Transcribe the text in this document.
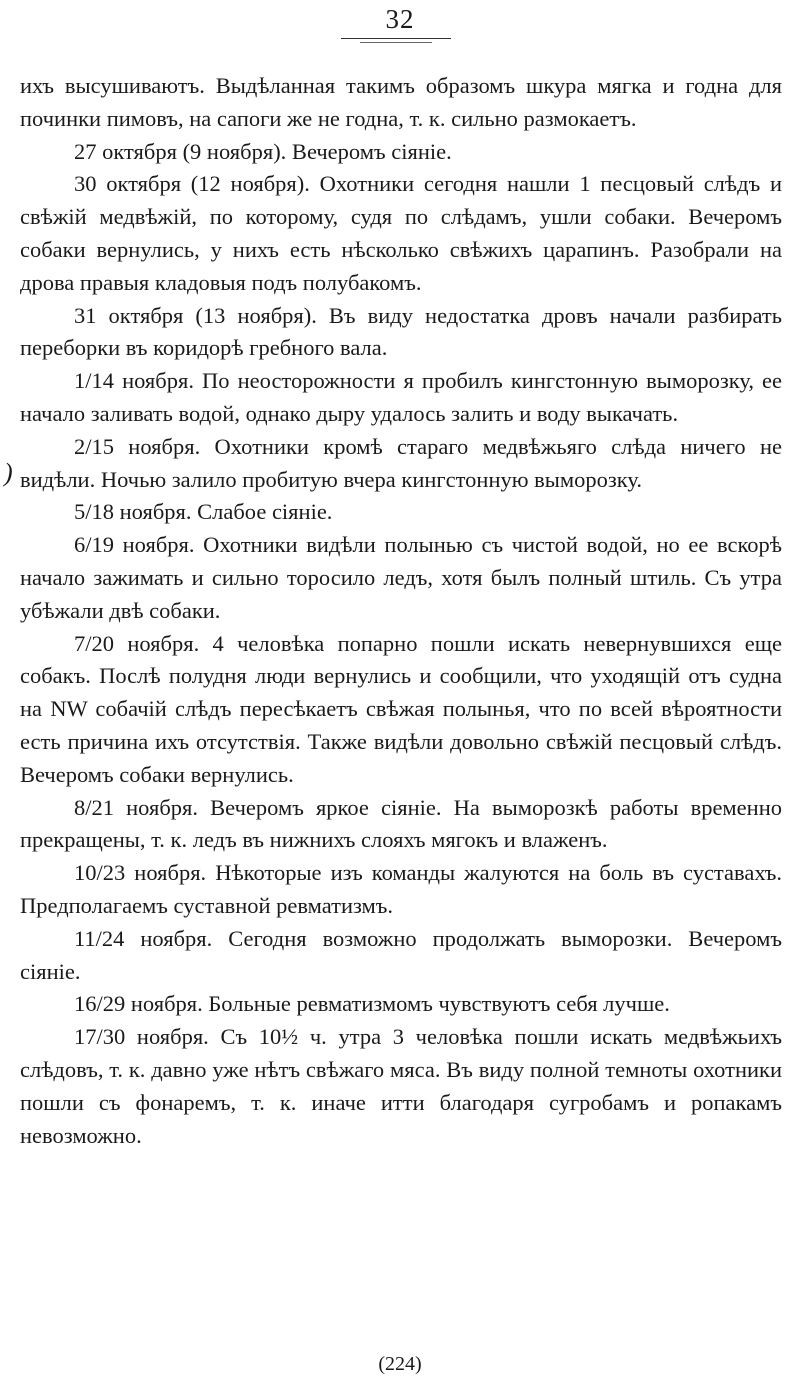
32
)

ихъ высушиваютъ. Выдѣланная такимъ образомъ шкура мягка и годна для починки пимовъ, на сапоги же не годна, т. к. сильно размокаетъ.

27 октября (9 ноября). Вечеромъ сіяніе.

30 октября (12 ноября). Охотники сегодня нашли 1 песцовый слѣдъ и свѣжій медвѣжій, по которому, судя по слѣдамъ, ушли собаки. Вечеромъ собаки вернулись, у нихъ есть нѣсколько свѣжихъ царапинъ. Разобрали на дрова правыя кладовыя подъ полубакомъ.

31 октября (13 ноября). Въ виду недостатка дровъ начали разбирать переборки въ коридорѣ гребного вала.

1/14 ноября. По неосторожности я пробилъ кингстонную выморозку, ее начало заливать водой, однако дыру удалось залить и воду выкачать.

2/15 ноября. Охотники кромѣ стараго медвѣжьяго слѣда ничего не видѣли. Ночью залило пробитую вчера кингстонную выморозку.

5/18 ноября. Слабое сіяніе.

6/19 ноября. Охотники видѣли полынью съ чистой водой, но ее вскорѣ начало зажимать и сильно торосило ледъ, хотя былъ полный штиль. Съ утра убѣжали двѣ собаки.

7/20 ноября. 4 человѣка попарно пошли искать невернувшихся еще собакъ. Послѣ полудня люди вернулись и сообщили, что уходящій отъ судна на NW собачій слѣдъ пересѣкаетъ свѣжая полынья, что по всей вѣроятности есть причина ихъ отсутствія. Также видѣли довольно свѣжій песцовый слѣдъ. Вечеромъ собаки вернулись.

8/21 ноября. Вечеромъ яркое сіяніе. На выморозкѣ работы временно прекращены, т. к. ледъ въ нижнихъ слояхъ мягокъ и влаженъ.

10/23 ноября. Нѣкоторые изъ команды жалуются на боль въ суставахъ. Предполагаемъ суставной ревматизмъ.

11/24 ноября. Сегодня возможно продолжать выморозки. Вечеромъ сіяніе.

16/29 ноября. Больные ревматизмомъ чувствуютъ себя лучше.

17/30 ноября. Съ 10½ ч. утра 3 человѣка пошли искать медвѣжьихъ слѣдовъ, т. к. давно уже нѣтъ свѣжаго мяса. Въ виду полной темноты охотники пошли съ фонаремъ, т. к. иначе итти благодаря сугробамъ и ропакамъ невозможно.

(224)
